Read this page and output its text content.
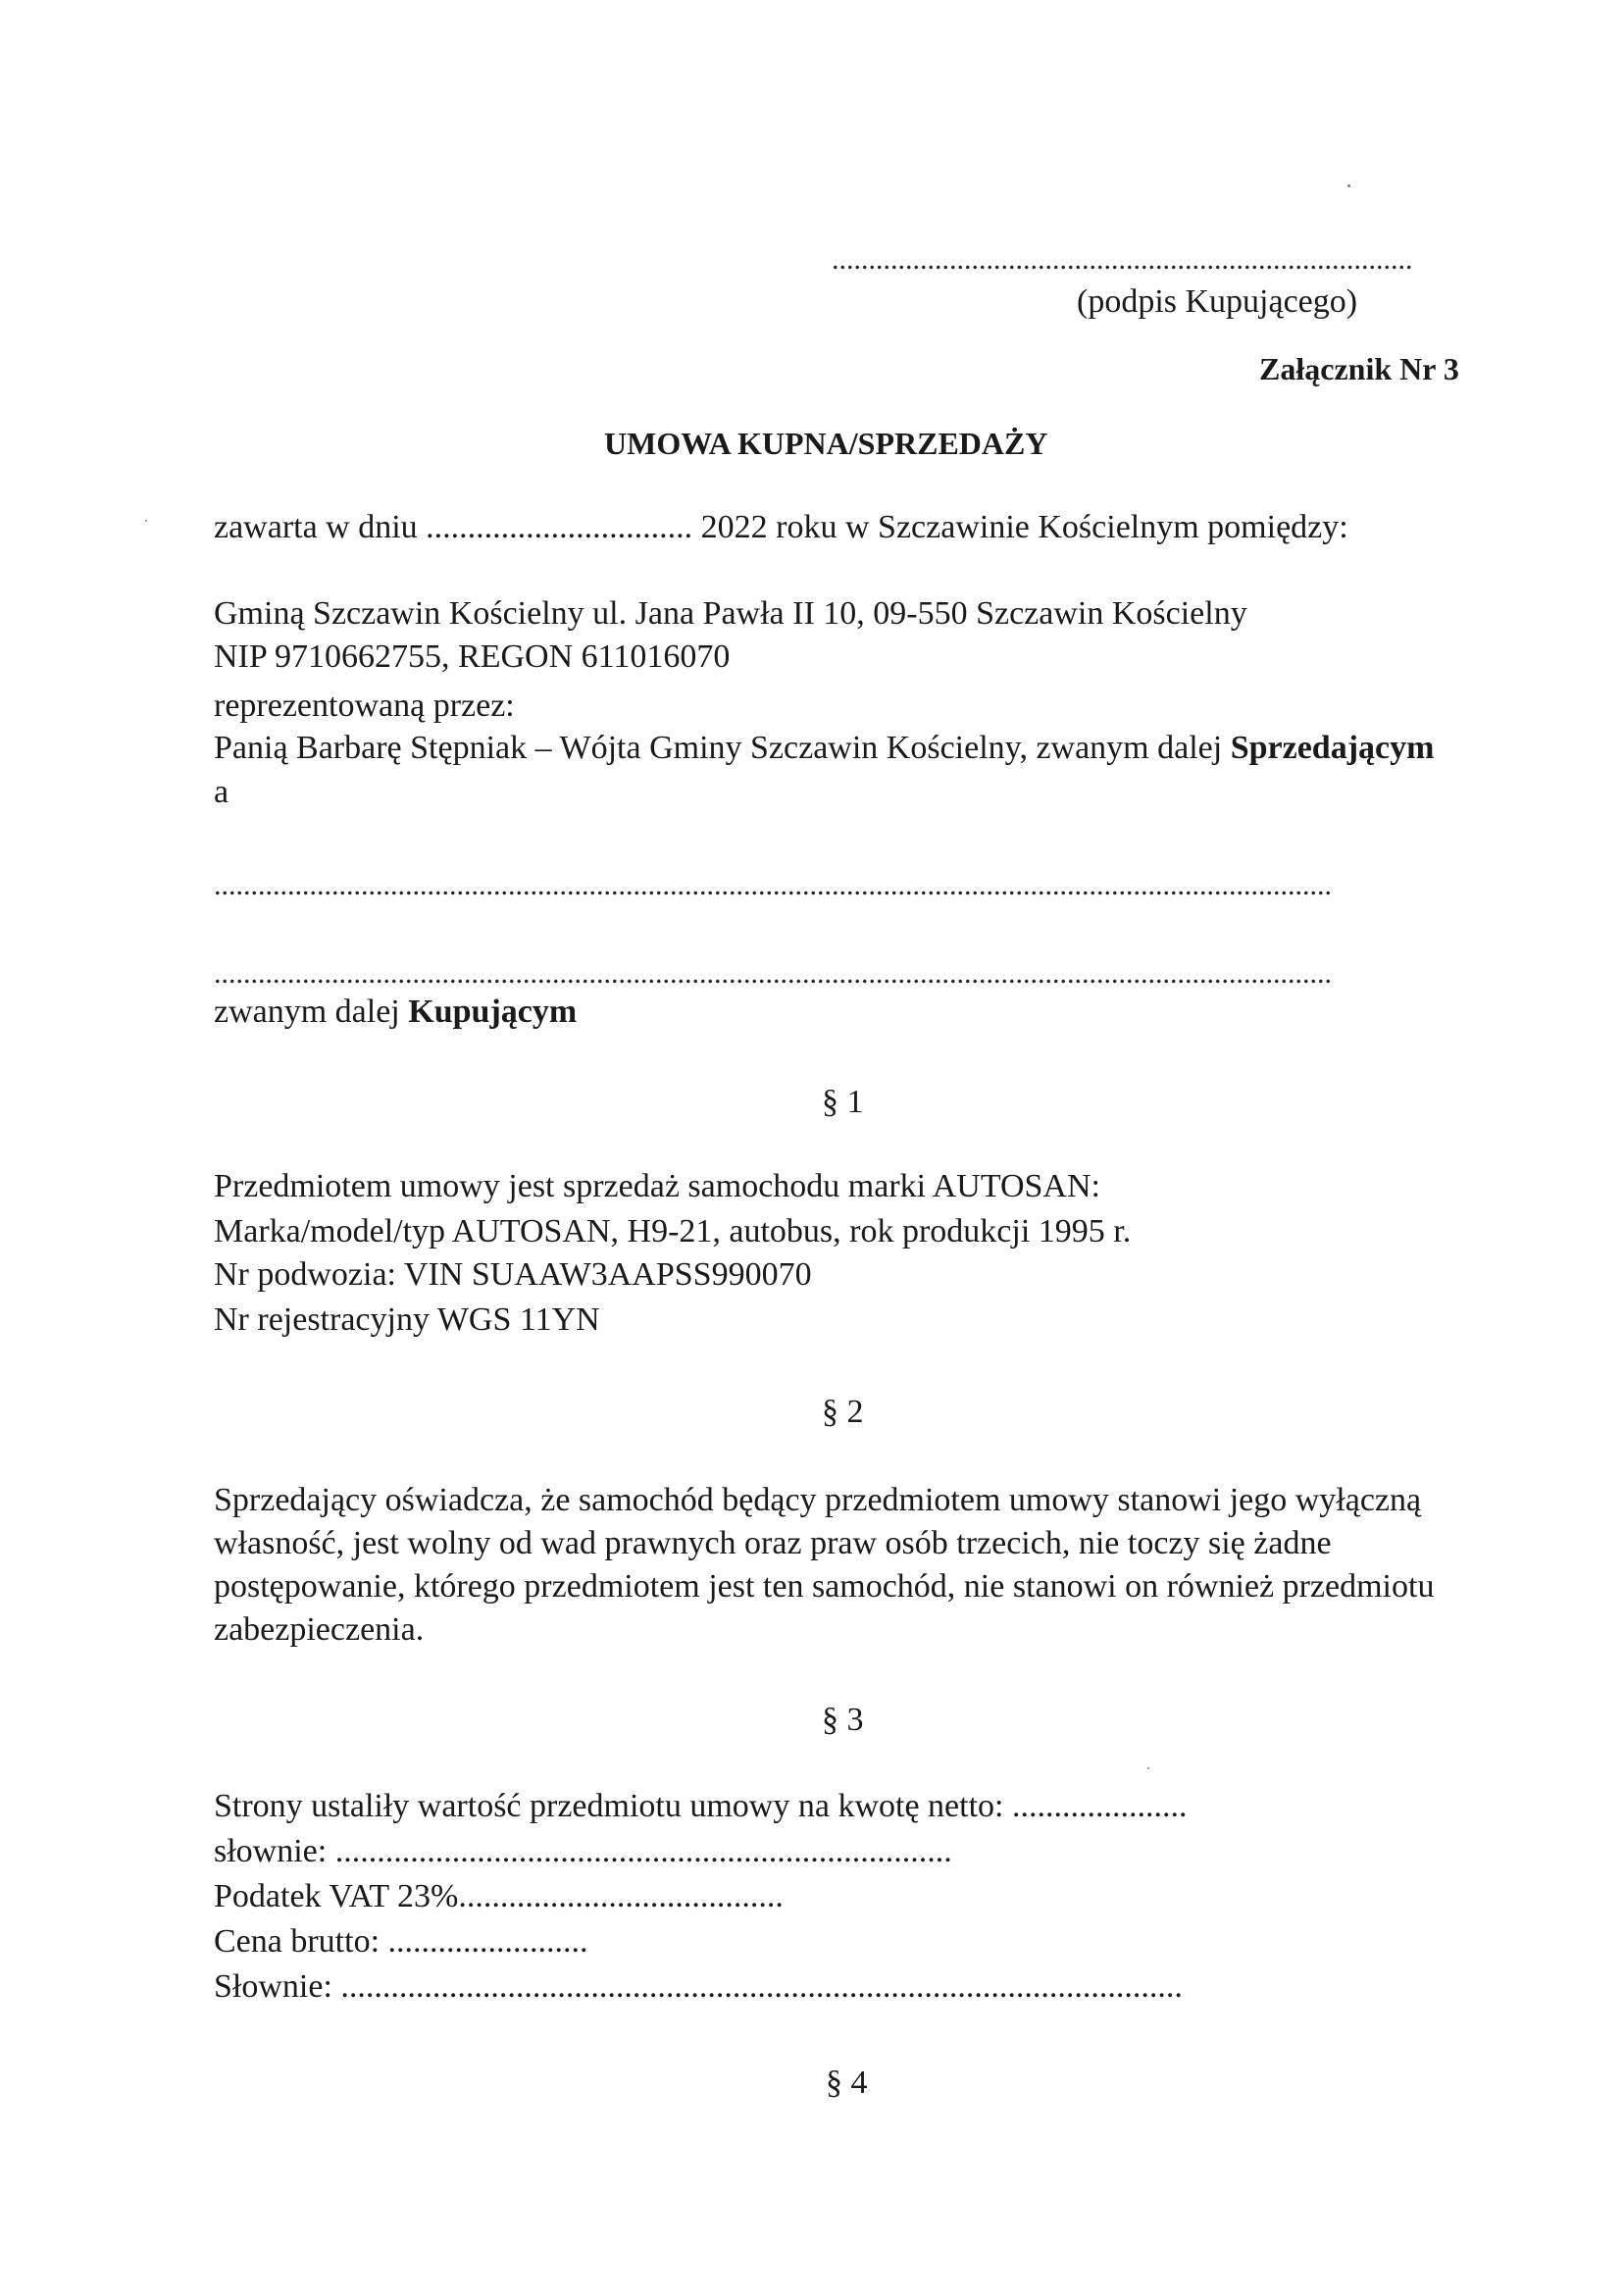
...............................................................................
(podpis Kupującego)
Załącznik Nr 3
UMOWA KUPNA/SPRZEDAŻY
zawarta w dniu ................................ 2022 roku w Szczawinie Kościelnym pomiędzy:
Gminą Szczawin Kościelny ul. Jana Pawła II 10, 09-550 Szczawin Kościelny
NIP 9710662755, REGON 611016070
reprezentowaną przez:
Panią Barbarę Stępniak – Wójta Gminy Szczawin Kościelny, zwanym dalej Sprzedającym
a
........................................................................................................................................................
........................................................................................................................................................
zwanym dalej Kupującym
§ 1
Przedmiotem umowy jest sprzedaż samochodu marki AUTOSAN:
Marka/model/typ AUTOSAN, H9-21, autobus, rok produkcji 1995 r.
Nr podwozia: VIN SUAAW3AAPSS990070
Nr rejestracyjny WGS 11YN
§ 2
Sprzedający oświadcza, że samochód będący przedmiotem umowy stanowi jego wyłączną
własność, jest wolny od wad prawnych oraz praw osób trzecich, nie toczy się żadne
postępowanie, którego przedmiotem jest ten samochód, nie stanowi on również przedmiotu
zabezpieczenia.
§ 3
Strony ustaliły wartość przedmiotu umowy na kwotę netto: .....................
słownie: ..........................................................................
Podatek VAT 23%.......................................
Cena brutto: ........................
Słownie: .....................................................................................................
§ 4
